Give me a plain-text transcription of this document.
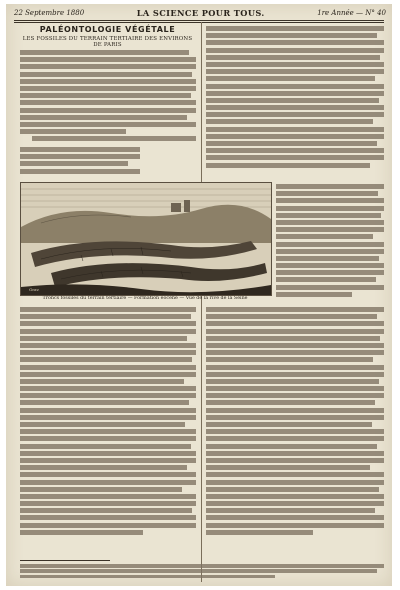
22 Septembre 1880	LA SCIENCE POUR TOUS.	1re Année — N° 40
PALÉONTOLOGIE VÉGÉTALE
LES FOSSILES DU TERRAIN TERTIAIRE DES ENVIRONS DE PARIS
Grav.
Troncs fossiles du terrain tertiaire — Formation éocène — Vue de la rive de la Seine
